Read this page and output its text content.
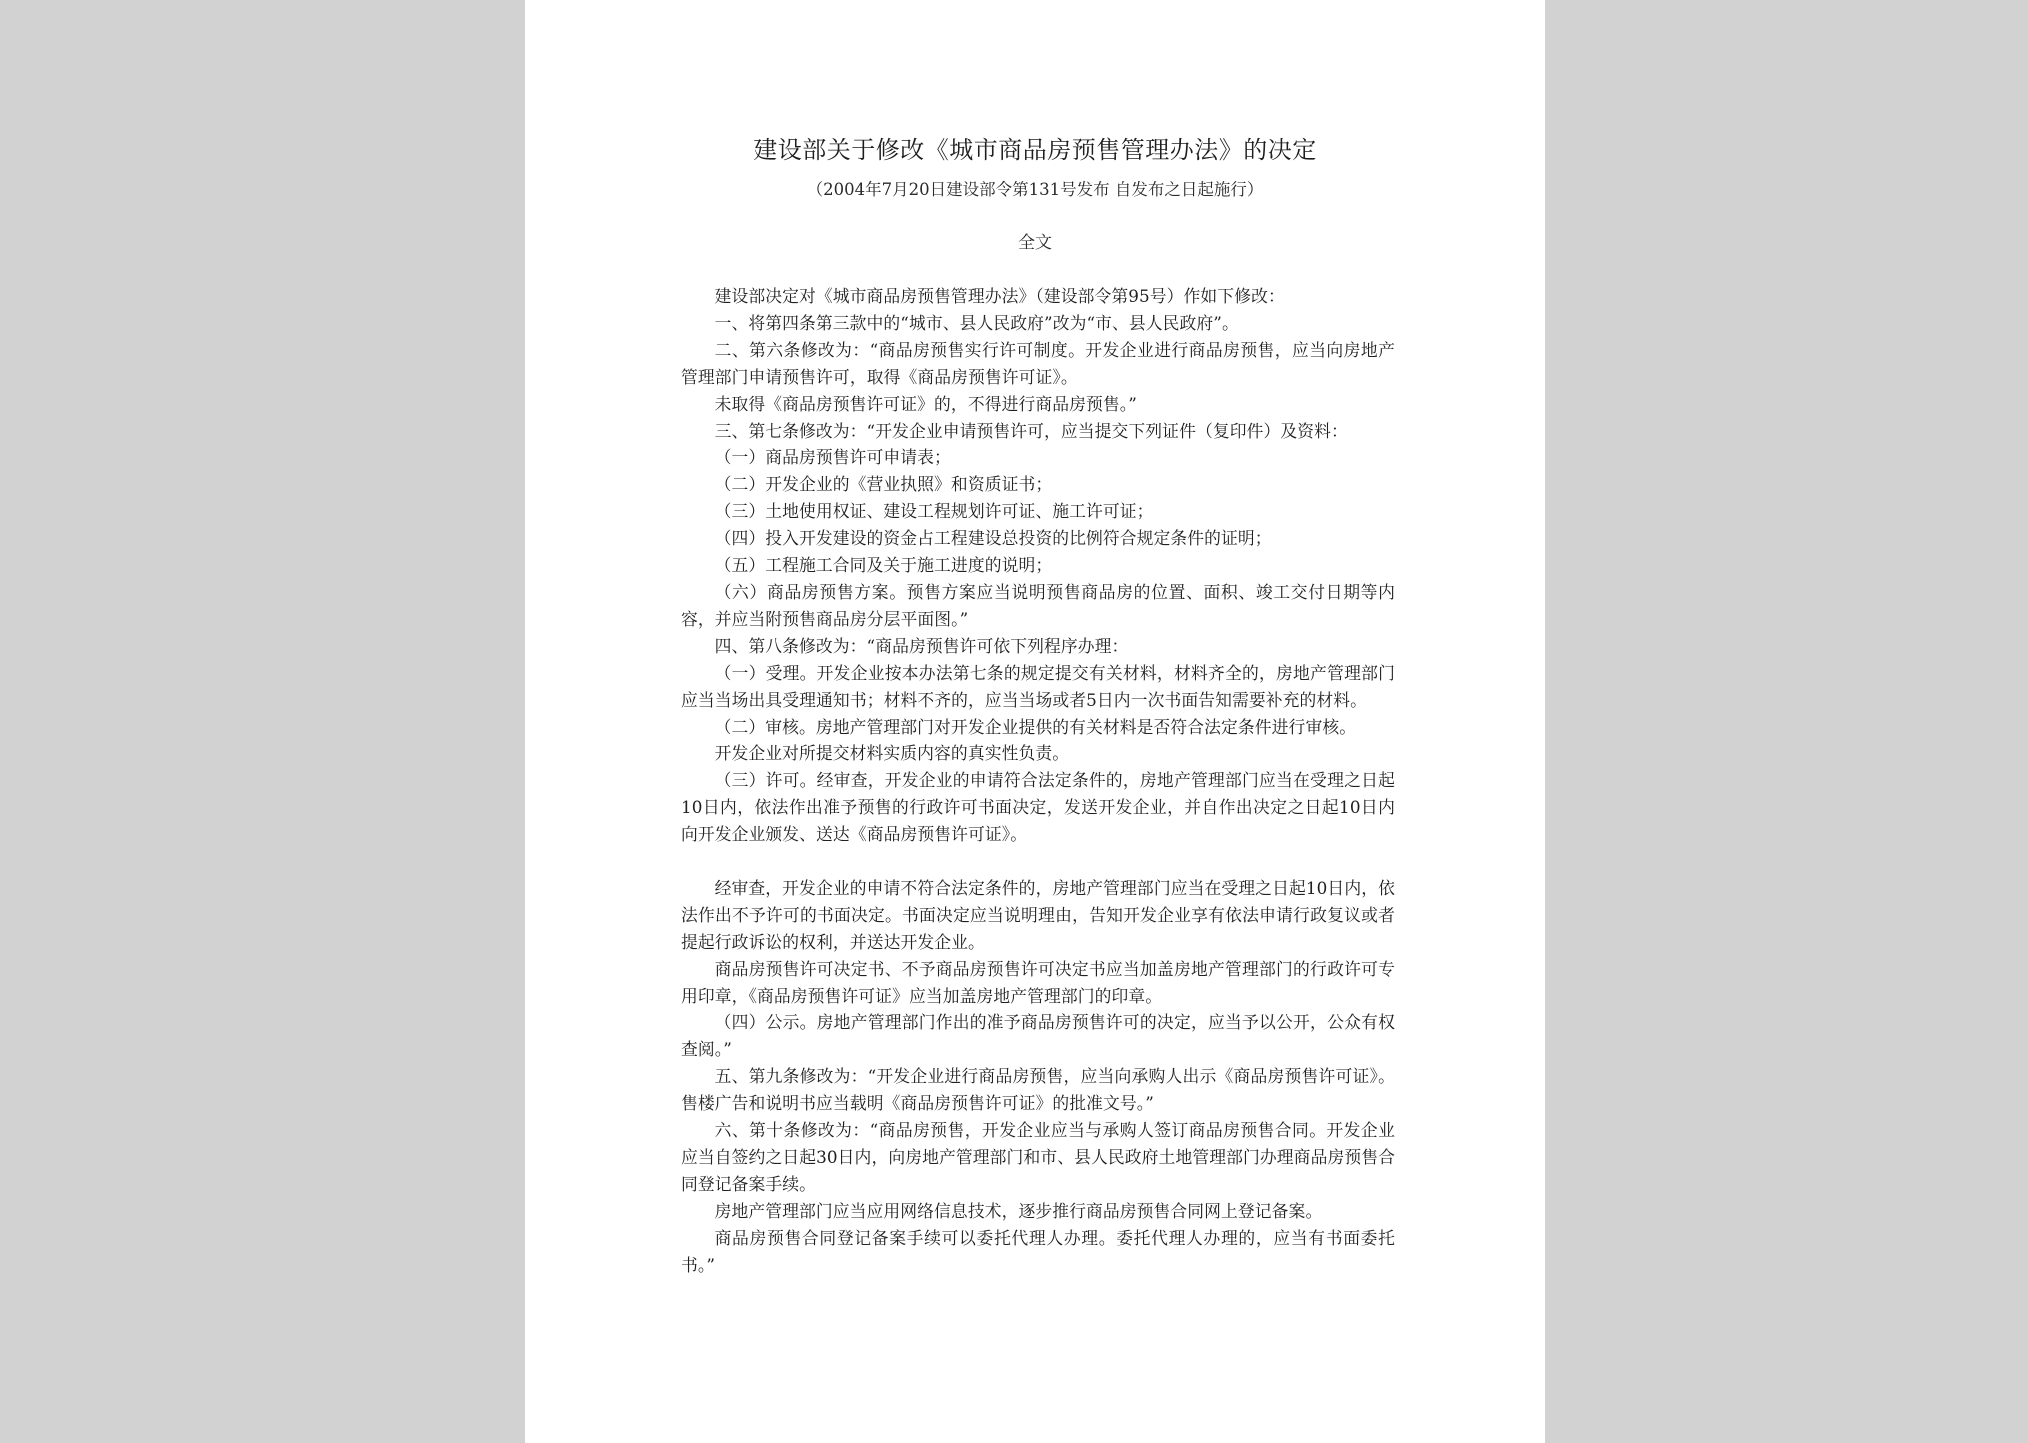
建设部关于修改《城市商品房预售管理办法》的决定

（2004年7月20日建设部令第131号发布 自发布之日起施行）

全文

建设部决定对《城市商品房预售管理办法》（建设部令第95号）作如下修改：

一、将第四条第三款中的“城市、县人民政府”改为“市、县人民政府”。

二、第六条修改为：“商品房预售实行许可制度。开发企业进行商品房预售，应当向房地产管理部门申请预售许可，取得《商品房预售许可证》。

未取得《商品房预售许可证》的，不得进行商品房预售。”

三、第七条修改为：“开发企业申请预售许可，应当提交下列证件（复印件）及资料：

（一）商品房预售许可申请表；

（二）开发企业的《营业执照》和资质证书；

（三）土地使用权证、建设工程规划许可证、施工许可证；

（四）投入开发建设的资金占工程建设总投资的比例符合规定条件的证明；

（五）工程施工合同及关于施工进度的说明；

（六）商品房预售方案。预售方案应当说明预售商品房的位置、面积、竣工交付日期等内容，并应当附预售商品房分层平面图。”

四、第八条修改为：“商品房预售许可依下列程序办理：

（一）受理。开发企业按本办法第七条的规定提交有关材料，材料齐全的，房地产管理部门应当当场出具受理通知书；材料不齐的，应当当场或者5日内一次书面告知需要补充的材料。

（二）审核。房地产管理部门对开发企业提供的有关材料是否符合法定条件进行审核。

开发企业对所提交材料实质内容的真实性负责。

（三）许可。经审查，开发企业的申请符合法定条件的，房地产管理部门应当在受理之日起10日内，依法作出准予预售的行政许可书面决定，发送开发企业，并自作出决定之日起10日内向开发企业颁发、送达《商品房预售许可证》。

经审查，开发企业的申请不符合法定条件的，房地产管理部门应当在受理之日起10日内，依法作出不予许可的书面决定。书面决定应当说明理由，告知开发企业享有依法申请行政复议或者提起行政诉讼的权利，并送达开发企业。

商品房预售许可决定书、不予商品房预售许可决定书应当加盖房地产管理部门的行政许可专用印章，《商品房预售许可证》应当加盖房地产管理部门的印章。

（四）公示。房地产管理部门作出的准予商品房预售许可的决定，应当予以公开，公众有权查阅。”

五、第九条修改为：“开发企业进行商品房预售，应当向承购人出示《商品房预售许可证》。售楼广告和说明书应当载明《商品房预售许可证》的批准文号。”

六、第十条修改为：“商品房预售，开发企业应当与承购人签订商品房预售合同。开发企业应当自签约之日起30日内，向房地产管理部门和市、县人民政府土地管理部门办理商品房预售合同登记备案手续。

房地产管理部门应当应用网络信息技术，逐步推行商品房预售合同网上登记备案。

商品房预售合同登记备案手续可以委托代理人办理。委托代理人办理的，应当有书面委托书。”
